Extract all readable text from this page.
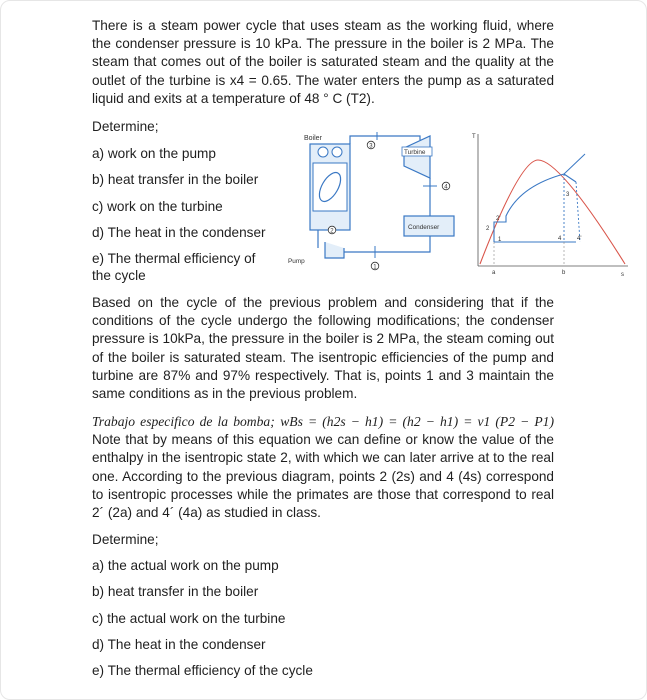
There is a steam power cycle that uses steam as the working fluid, where the condenser pressure is 10 kPa. The pressure in the boiler is 2 MPa. The steam that comes out of the boiler is saturated steam and the quality at the outlet of the turbine is x4 = 0.65. The water enters the pump as a saturated liquid and exits at a temperature of 48 ° C (T2).

Determine;
a) work on the pump
b) heat transfer in the boiler
c) work on the turbine
d) The heat in the condenser
e) The thermal efficiency of
the cycle
Boiler
3
Turbine
4
Condenser
1
Pump
2
T
s
2'
2
1
3
4	4'
a	b

Based on the cycle of the previous problem and considering that if the conditions of the cycle undergo the following modifications; the condenser pressure is 10kPa, the pressure in the boiler is 2 MPa, the steam coming out of the boiler is saturated steam. The isentropic efficiencies of the pump and turbine are 87% and 97% respectively. That is, points 1 and 3 maintain the same conditions as in the previous problem.

Trabajo especifico de la bomba; wBs = (h2s − h1) = (h2 − h1) = v1 (P2 − P1) Note that by means of this equation we can define or know the value of the enthalpy in the isentropic state 2, with which we can later arrive at to the real one. According to the previous diagram, points 2 (2s) and 4 (4s) correspond to isentropic processes while the primates are those that correspond to real 2´ (2a) and 4´ (4a) as studied in class.
Determine;
a) the actual work on the pump
b) heat transfer in the boiler
c) the actual work on the turbine
d) The heat in the condenser
e) The thermal efficiency of the cycle
